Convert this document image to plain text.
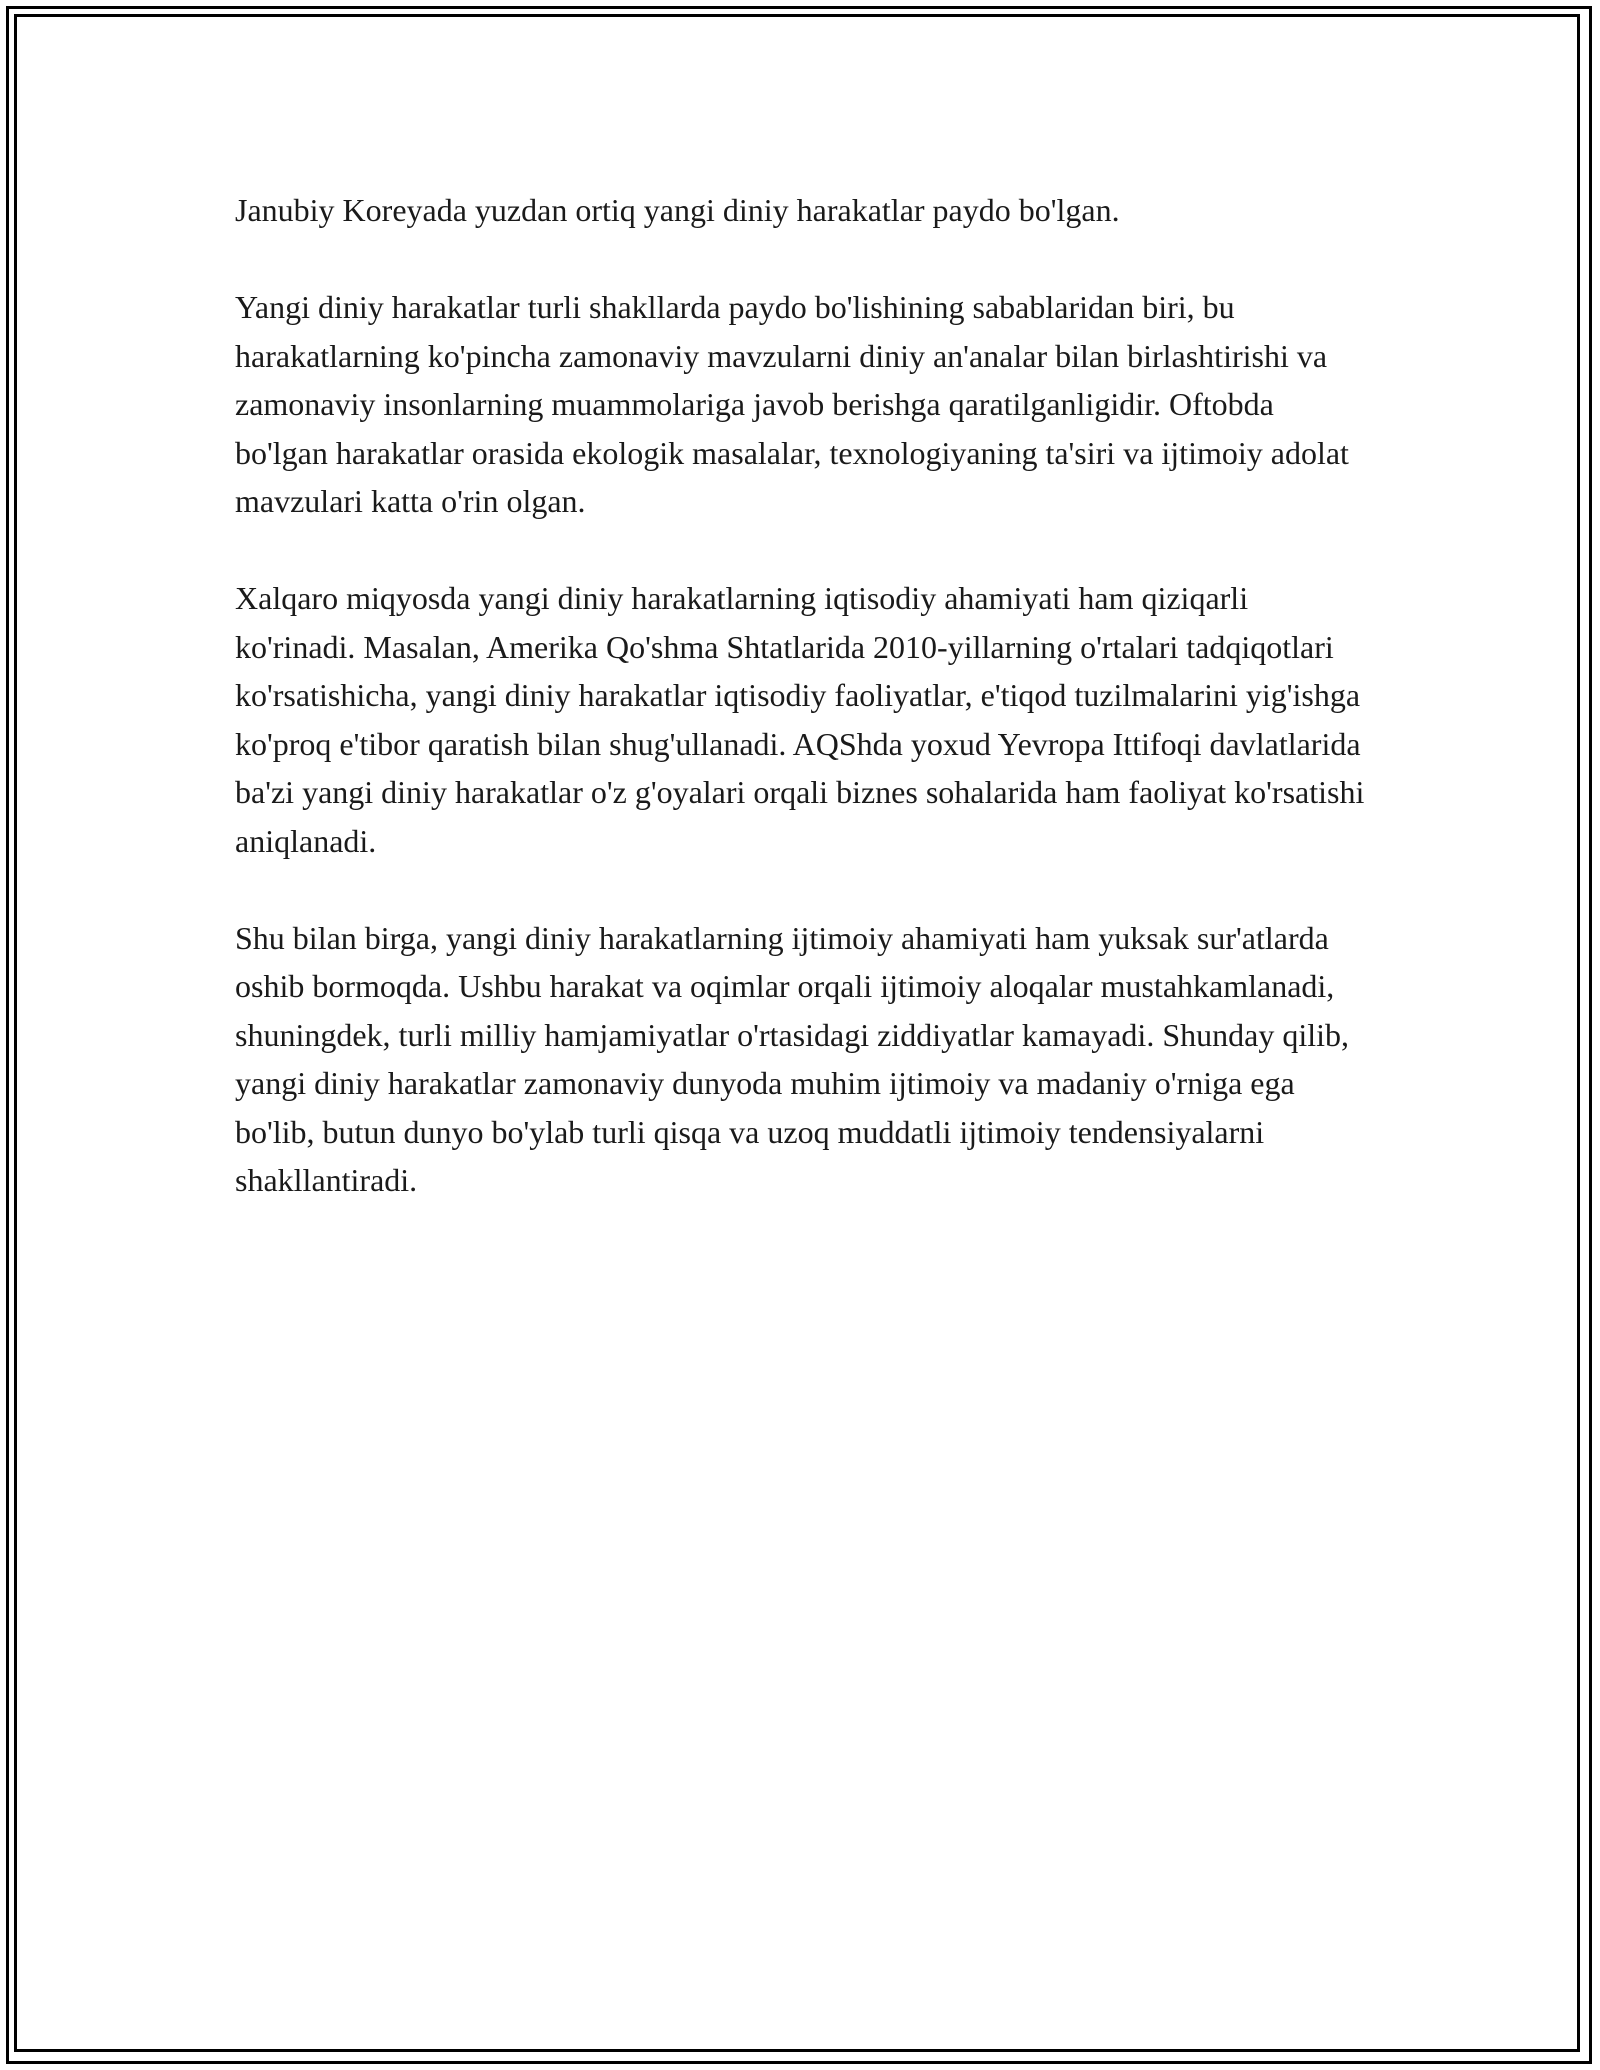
Janubiy Koreyada yuzdan ortiq yangi diniy harakatlar paydo bo'lgan.

Yangi diniy harakatlar turli shakllarda paydo bo'lishining sabablaridan biri, bu harakatlarning ko'pincha zamonaviy mavzularni diniy an'analar bilan birlashtirishi va zamonaviy insonlarning muammolariga javob berishga qaratilganligidir. Oftobda bo'lgan harakatlar orasida ekologik masalalar, texnologiyaning ta'siri va ijtimoiy adolat mavzulari katta o'rin olgan.

Xalqaro miqyosda yangi diniy harakatlarning iqtisodiy ahamiyati ham qiziqarli ko'rinadi. Masalan, Amerika Qo'shma Shtatlarida 2010-yillarning o'rtalari tadqiqotlari ko'rsatishicha, yangi diniy harakatlar iqtisodiy faoliyatlar, e'tiqod tuzilmalarini yig'ishga ko'proq e'tibor qaratish bilan shug'ullanadi. AQShda yoxud Yevropa Ittifoqi davlatlarida ba'zi yangi diniy harakatlar o'z g'oyalari orqali biznes sohalarida ham faoliyat ko'rsatishi aniqlanadi.

Shu bilan birga, yangi diniy harakatlarning ijtimoiy ahamiyati ham yuksak sur'atlarda oshib bormoqda. Ushbu harakat va oqimlar orqali ijtimoiy aloqalar mustahkamlanadi, shuningdek, turli milliy hamjamiyatlar o'rtasidagi ziddiyatlar kamayadi. Shunday qilib, yangi diniy harakatlar zamonaviy dunyoda muhim ijtimoiy va madaniy o'rniga ega bo'lib, butun dunyo bo'ylab turli qisqa va uzoq muddatli ijtimoiy tendensiyalarni shakllantiradi.
